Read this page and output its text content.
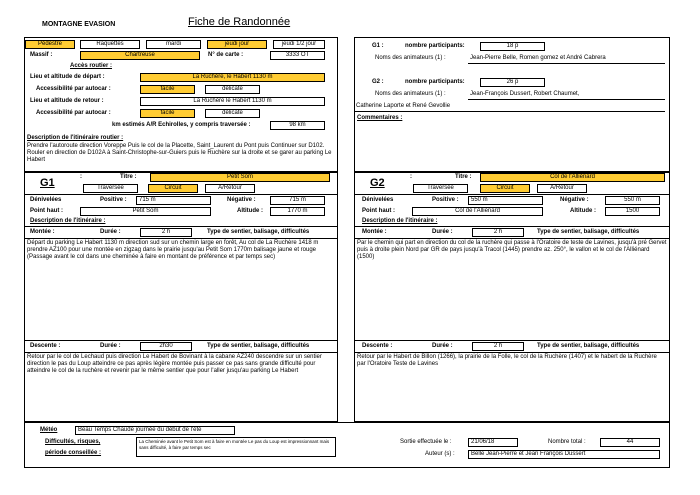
MONTAGNE EVASION	Fiche de Randonnée
Pédestre	Raquettes	mardi	jeudi jour	jeudi 1/2 jour
Massif :	Chartreuse	N° de carte :	3333 OT
Accès routier :
Lieu et altitude de départ :	La Ruchère, le Habert 1130 m
Accessibilité par autocar :	facile	délicate
Lieu et altitude de retour :	La Ruchère le Habert 1130 m
Accessibilité par autocar :	facile	délicate
km estimés A/R Echirolles, y compris traversée :	98 km
Description de l'itinéraire routier :
Prendre l'autoroute direction Voreppe Puis le col de la Placette, Saint_Laurent du Pont puis Continuer sur D102. Rouler en direction de D102A à Saint-Christophe-sur-Guiers puis le Ruchère sur la droite et se garer au parking Le Habert
G1 :	nombre participants:	18 p
Noms des animateurs (1) :	Jean-Pierre Belle, Romen gomez et André Cabrera
G2 :	nombre participants:	26 p
Noms des animateurs (1) :	Jean-François Dussert, Robert Chaumet,
Catherine Laporte et René Gevollie
Commentaires :
G1	:	Titre :	Petit Som
Traversée	Circuit	A/Retour
Dénivelées	Positive :	715 m	Négative :	715 m
Point haut :	Petit Som	Altitude :	1770 m
Description de l'itinéraire :
Montée :	Durée :	2 h	Type de sentier, balisage, difficultés
Départ du parking Le Habert 1130 m direction sud sur un chemin large en forêt, Au col de La Ruchère 1418 m prendre AZ100 pour une montée en zigzag dans le prairie jusqu'au Petit Som 1770m balisage jaune et rouge (Passage avant le col dans une cheminée à faire en montant de préférence et par temps sec)
Descente :	Durée :	2h30	Type de sentier, balisage, difficultés
Retour par le col de Lechaud puis direction Le Habert de Bovinant à la cabane AZ240 descendre sur un sentier direction le pas du Loup atteindre ce pas après légère montée puis passer ce pas sans grande difficulté pour atteindre le col de la ruchère et revenir par le même sentier que pour l'aller jusqu'au parking Le Habert
G2	:	Titre :	Col de l'Alliénard
Traversée	Circuit	A/Retour
Dénivelées	Positive :	550 m	Négative :	550 m
Point haut :	Col de l'Alliénard	Altitude :	1500
Description de l'itinéraire :
Montée :	Durée :	2 h	Type de sentier, balisage, difficultés
Par le chemin qui part en direction du col de la ruchère qui passe à l'Oratoire de teste de Lavines, jusqu'à pré Gervet puis à droite plein Nord par GR de pays jusqu'à Tracol (1445) prendre az. 250°, le vallon et le col de l'Alliénard (1500)
Descente :	Durée :	2 h	Type de sentier, balisage, difficultés
Retour par le Habert de Billon (1266), la prairie de la Folle, le col de la Ruchère (1407) et le habert de la Ruchère par l'Oratoire Teste de Lavines
Météo	Beau Temps Chaude journée du début de l'été
Difficultés, risques,
période conseillée :
La Cheminée avant le Petit Som est à faire en montée Le pas du Loup est impressionnant mais sans difficulté, à faire par temps sec
Sortie effectuée le :	21/06/18	Nombre total :	44
Auteur (s) :	Belle Jean-Pierre et Jean François Dussert
